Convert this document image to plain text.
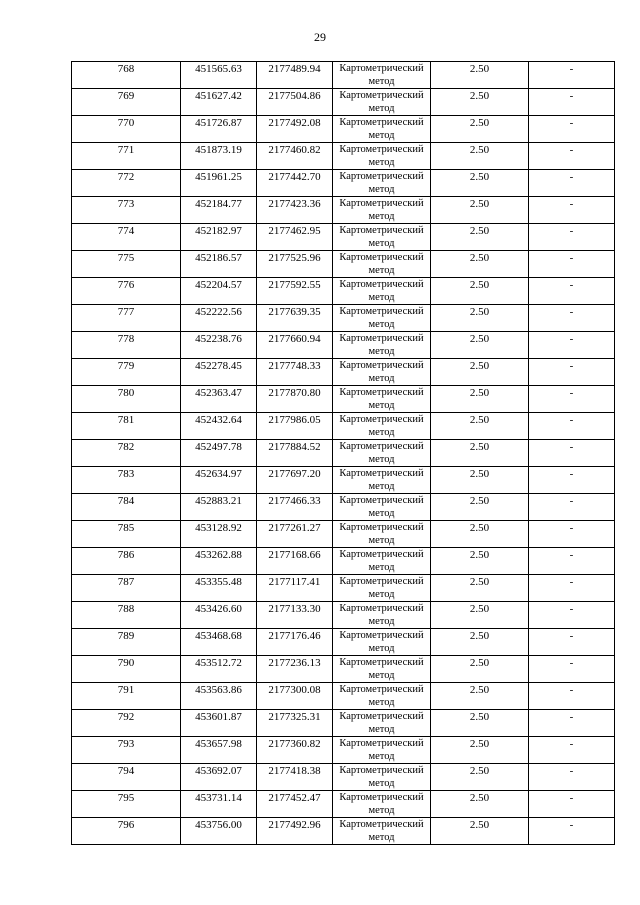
29
768	451565.63	2177489.94	Картометрический метод	2.50	-

769	451627.42	2177504.86	Картометрический метод	2.50	-

770	451726.87	2177492.08	Картометрический метод	2.50	-

771	451873.19	2177460.82	Картометрический метод	2.50	-

772	451961.25	2177442.70	Картометрический метод	2.50	-

773	452184.77	2177423.36	Картометрический метод	2.50	-

774	452182.97	2177462.95	Картометрический метод	2.50	-

775	452186.57	2177525.96	Картометрический метод	2.50	-

776	452204.57	2177592.55	Картометрический метод	2.50	-

777	452222.56	2177639.35	Картометрический метод	2.50	-

778	452238.76	2177660.94	Картометрический метод	2.50	-

779	452278.45	2177748.33	Картометрический метод	2.50	-

780	452363.47	2177870.80	Картометрический метод	2.50	-

781	452432.64	2177986.05	Картометрический метод	2.50	-

782	452497.78	2177884.52	Картометрический метод	2.50	-

783	452634.97	2177697.20	Картометрический метод	2.50	-

784	452883.21	2177466.33	Картометрический метод	2.50	-

785	453128.92	2177261.27	Картометрический метод	2.50	-

786	453262.88	2177168.66	Картометрический метод	2.50	-

787	453355.48	2177117.41	Картометрический метод	2.50	-

788	453426.60	2177133.30	Картометрический метод	2.50	-

789	453468.68	2177176.46	Картометрический метод	2.50	-

790	453512.72	2177236.13	Картометрический метод	2.50	-

791	453563.86	2177300.08	Картометрический метод	2.50	-

792	453601.87	2177325.31	Картометрический метод	2.50	-

793	453657.98	2177360.82	Картометрический метод	2.50	-

794	453692.07	2177418.38	Картометрический метод	2.50	-

795	453731.14	2177452.47	Картометрический метод	2.50	-

796	453756.00	2177492.96	Картометрический метод	2.50	-
